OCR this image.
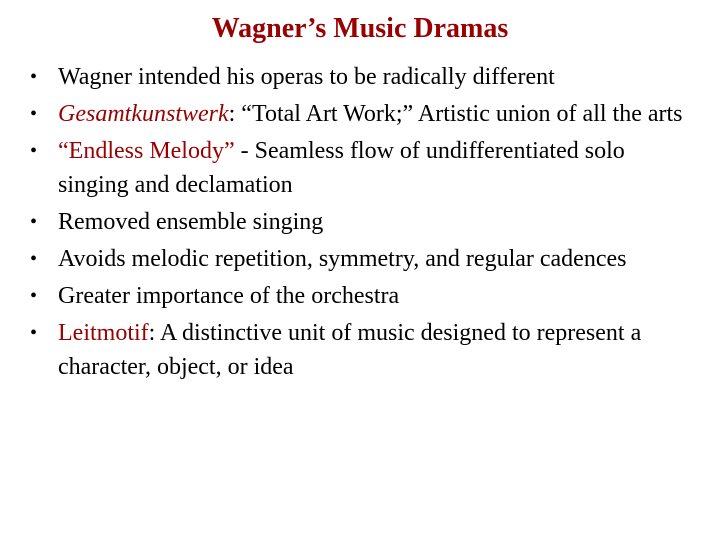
Wagner’s Music Dramas
• Wagner intended his operas to be radically different
• Gesamtkunstwerk: “Total Art Work;” Artistic union of all the arts
• “Endless Melody” - Seamless flow of undifferentiated solo singing and declamation
• Removed ensemble singing
• Avoids melodic repetition, symmetry, and regular cadences
• Greater importance of the orchestra
• Leitmotif: A distinctive unit of music designed to represent a character, object, or idea
